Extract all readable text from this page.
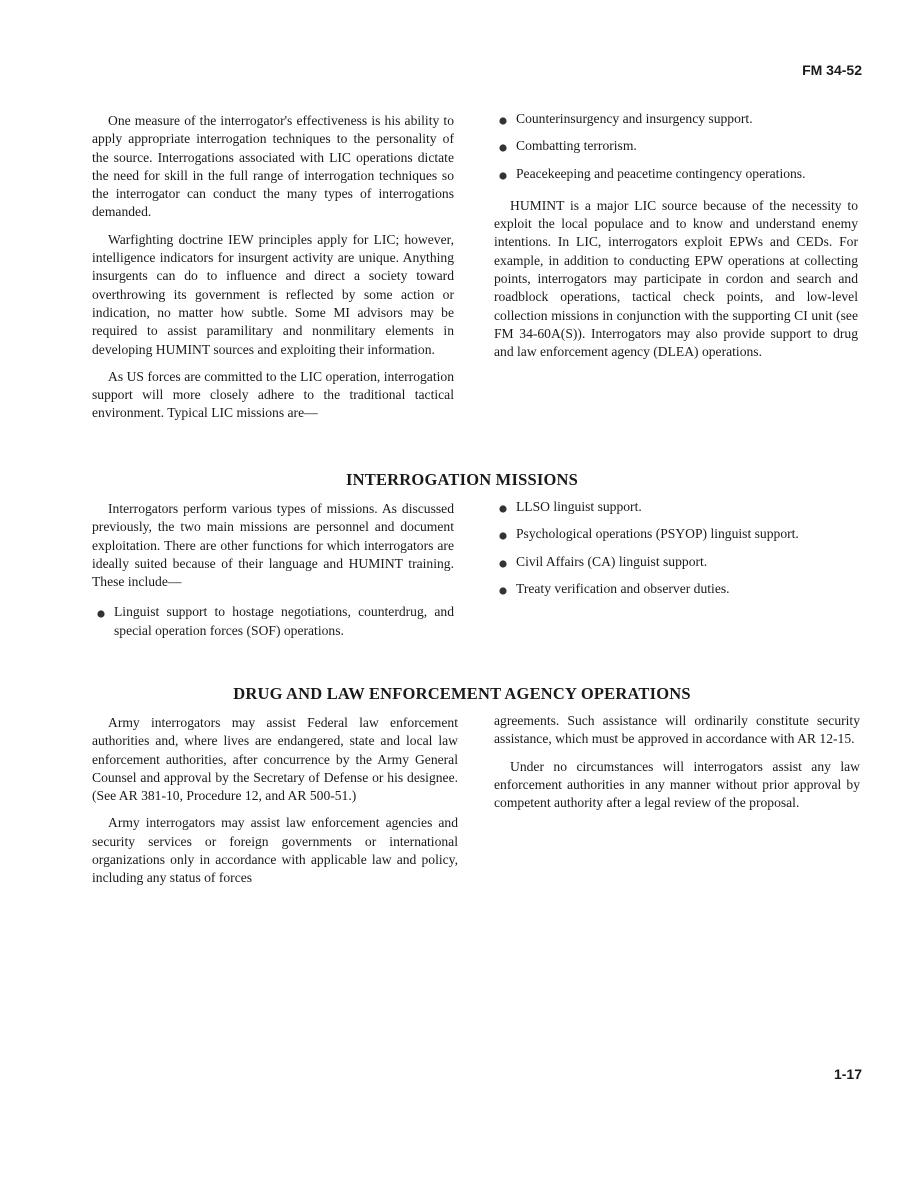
FM 34-52

One measure of the interrogator's effectiveness is his ability to apply appropriate interrogation techniques to the personality of the source. Interrogations associated with LIC operations dictate the need for skill in the full range of interrogation techniques so the interrogator can conduct the many types of interrogations demanded.

Warfighting doctrine IEW principles apply for LIC; however, intelligence indicators for insurgent activity are unique. Anything insurgents can do to influence and direct a society toward overthrowing its government is reflected by some action or indication, no matter how subtle. Some MI advisors may be required to assist paramilitary and nonmilitary elements in developing HUMINT sources and exploiting their information.

As US forces are committed to the LIC operation, interrogation support will more closely adhere to the traditional tactical environment. Typical LIC missions are—

Counterinsurgency and insurgency support.
Combatting terrorism.
Peacekeeping and peacetime contingency operations.

HUMINT is a major LIC source because of the necessity to exploit the local populace and to know and understand enemy intentions. In LIC, interrogators exploit EPWs and CEDs. For example, in addition to conducting EPW operations at collecting points, interrogators may participate in cordon and search and roadblock operations, tactical check points, and low-level collection missions in conjunction with the supporting CI unit (see FM 34-60A(S)). Interrogators may also provide support to drug and law enforcement agency (DLEA) operations.

INTERROGATION MISSIONS

Interrogators perform various types of missions. As discussed previously, the two main missions are personnel and document exploitation. There are other functions for which interrogators are ideally suited because of their language and HUMINT training. These include—

Linguist support to hostage negotiations, counterdrug, and special operation forces (SOF) operations.
LLSO linguist support.
Psychological operations (PSYOP) linguist support.
Civil Affairs (CA) linguist support.
Treaty verification and observer duties.
DRUG AND LAW ENFORCEMENT AGENCY OPERATIONS

Army interrogators may assist Federal law enforcement authorities and, where lives are endangered, state and local law enforcement authorities, after concurrence by the Army General Counsel and approval by the Secretary of Defense or his designee. (See AR 381-10, Procedure 12, and AR 500-51.)

Army interrogators may assist law enforcement agencies and security services or foreign governments or international organizations only in accordance with applicable law and policy, including any status of forces

agreements. Such assistance will ordinarily constitute security assistance, which must be approved in accordance with AR 12-15.

Under no circumstances will interrogators assist any law enforcement authorities in any manner without prior approval by competent authority after a legal review of the proposal.

1-17
